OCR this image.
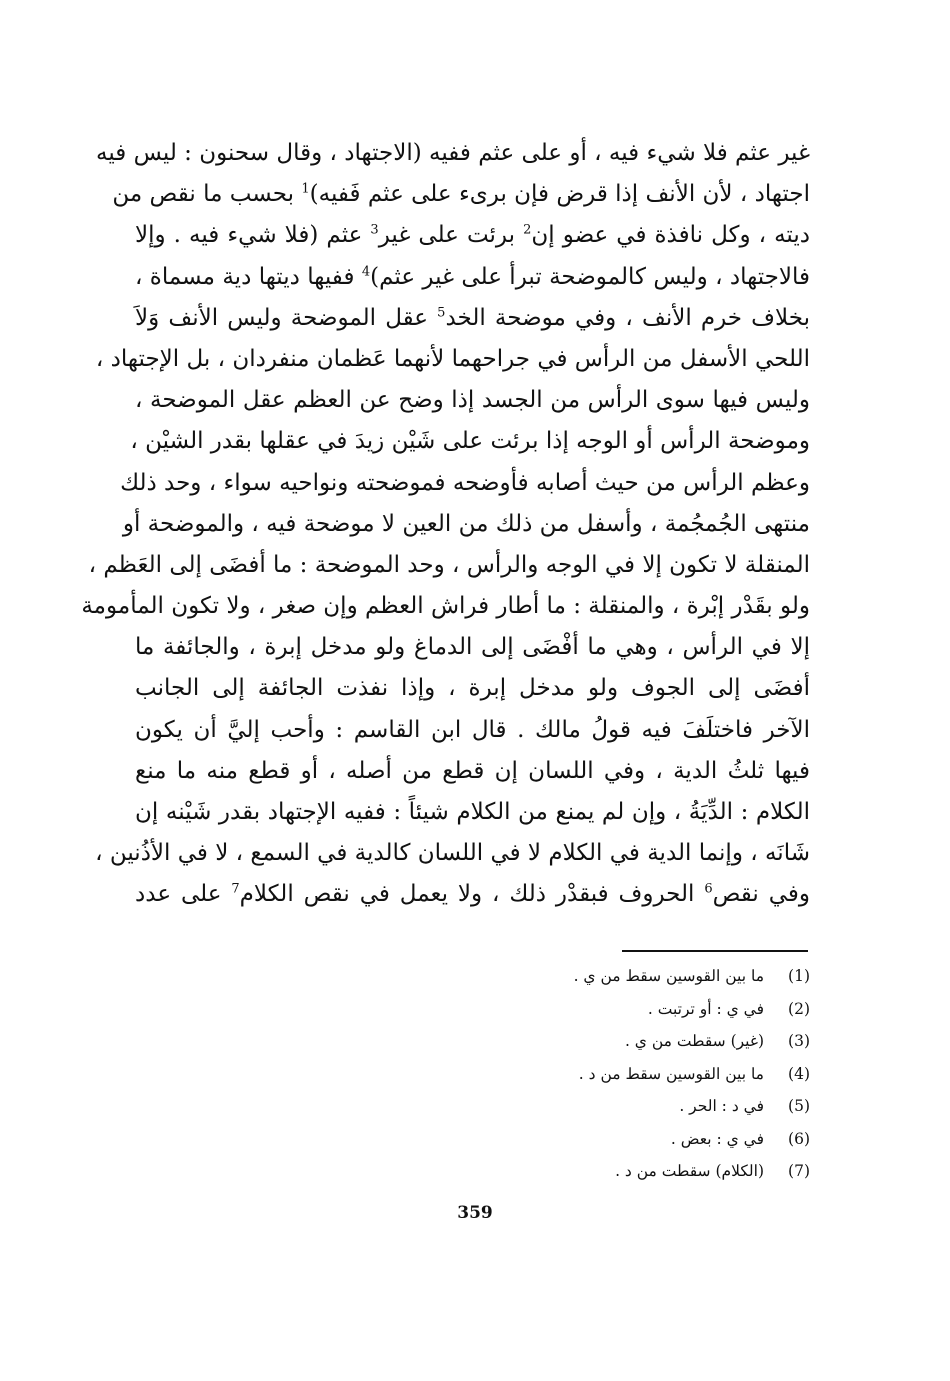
غير عثم فلا شيء فيه ، أو على عثم ففيه (الاجتهاد ، وقال سحنون : ليس فيه
اجتهاد ، لأن الأنف إذا قرض فإن برىء على عثم فَفيه)$^1$ بحسب ما نقص من
ديته ، وكل نافذة في عضو إن$^2$ برئت على غير$^3$ عثم (فلا شيء فيه . وإلا
فالاجتهاد ، وليس كالموضحة تبرأ على غير عثم)$^4$ ففيها ديتها دية مسماة ،
بخلاف خرم الأنف ، وفي موضحة الخد$^5$ عقل الموضحة وليس الأنف وَلاَ
اللحي الأسفل من الرأس في جراحهما لأنهما عَظمان منفردان ، بل الإجتهاد ،
وليس فيها سوى الرأس من الجسد إذا وضح عن العظم عقل الموضحة ،
وموضحة الرأس أو الوجه إذا برئت على شَيْن زيدَ في عقلها بقدر الشيْن ،
وعظم الرأس من حيث أصابه فأوضحه فموضحته ونواحيه سواء ، وحد ذلك
منتهى الجُمجُمة ، وأسفل من ذلك من العين لا موضحة فيه ، والموضحة أو
المنقلة لا تكون إلا في الوجه والرأس ، وحد الموضحة : ما أفضَى إلى العَظم ،
ولو بقَدْر إبْرة ، والمنقلة : ما أطار فراش العظم وإن صغر ، ولا تكون المأمومة
إلا في الرأس ، وهي ما أفْضَى إلى الدماغ ولو مدخل إبرة ، والجائفة ما
أفضَى إلى الجوف ولو مدخل إبرة ، وإذا نفذت الجائفة إلى الجانب
الآخر فاختلَفَ فيه قولُ مالك . قال ابن القاسم : وأحب إليَّ أن يكون
فيها ثلثُ الدية ، وفي اللسان إن قطع من أصله ، أو قطع منه ما منع
الكلام : الدِّيَةُ ، وإن لم يمنع من الكلام شيئاً : ففيه الإجتهاد بقدر شَيْنه إن
شَانَه ، وإنما الدية في الكلام لا في اللسان كالدية في السمع ، لا في الأذُنين ،
وفي نقص$^6$ الحروف فبقدْر ذلك ، ولا يعمل في نقص الكلام$^7$ على عدد
(1)
ما بين القوسين سقط من ي .
(2)
في ي : أو ترتبت .
(3)
(غير) سقطت من ي .
(4)
ما بين القوسين سقط من د .
(5)
في د : الحر .
(6)
في ي : بعض .
(7)
(الكلام) سقطت من د .
359
